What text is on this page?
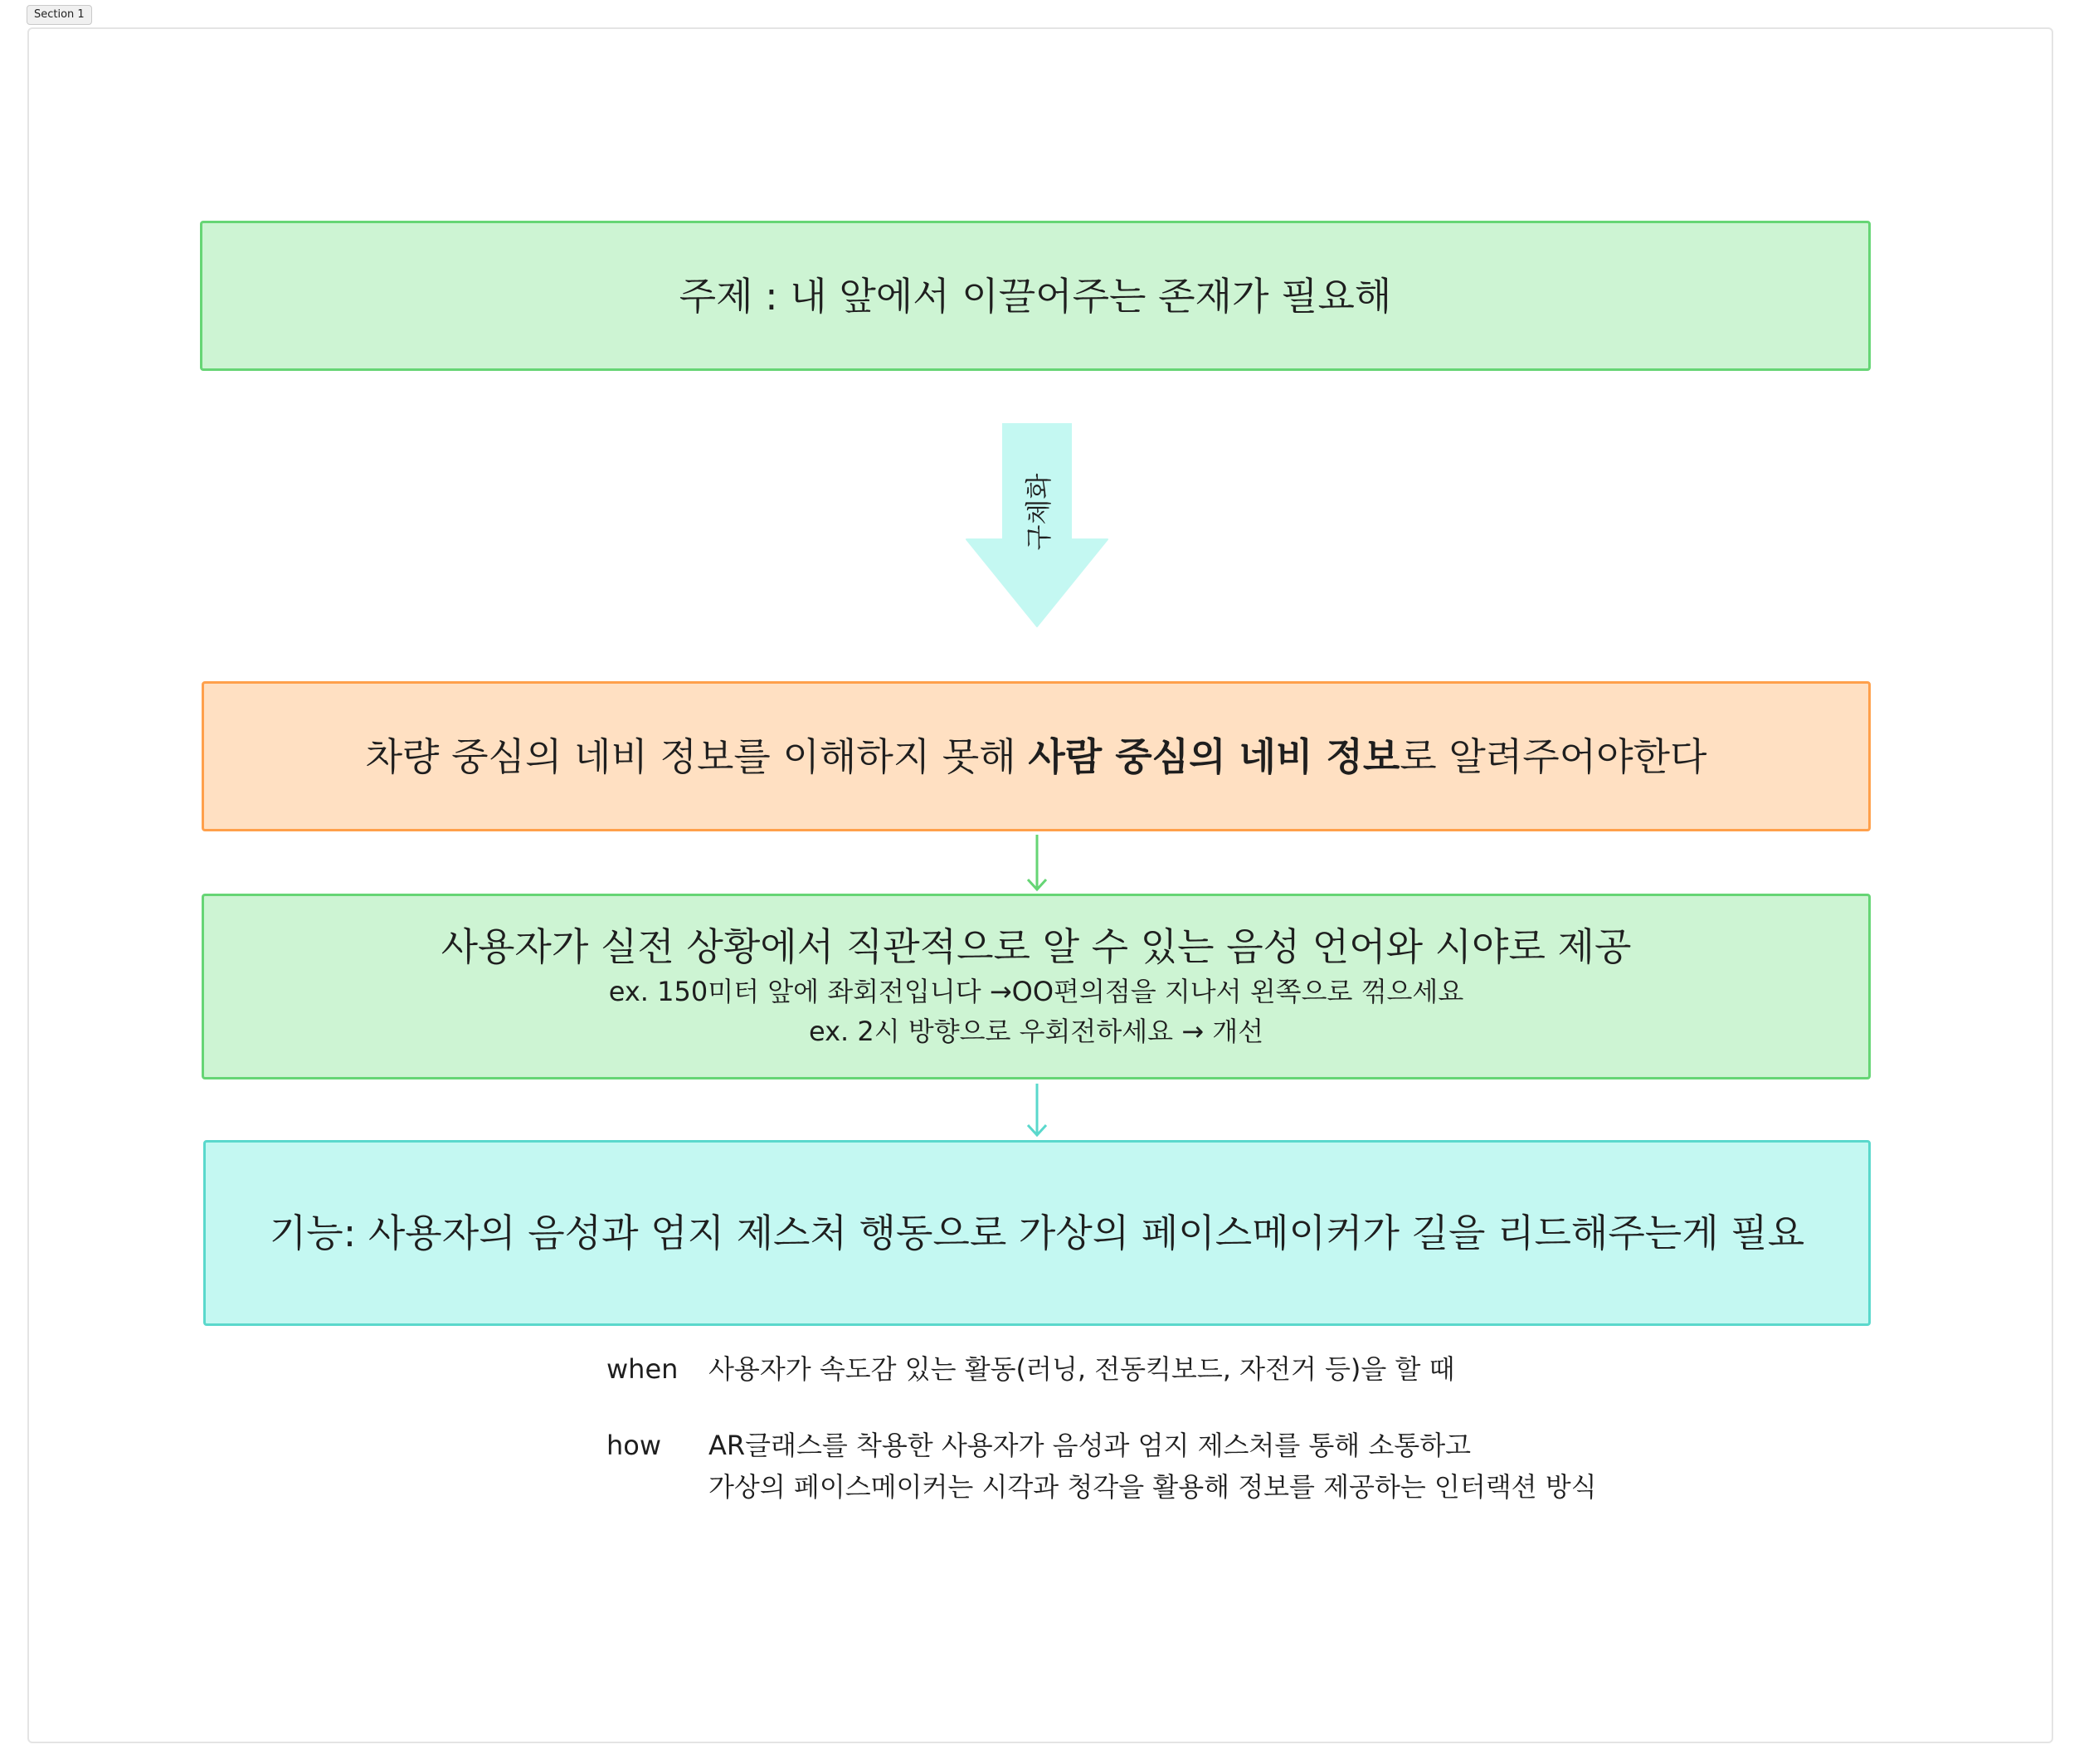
Section 1
주제 : 내 앞에서 이끌어주는 존재가 필요해
구체화
차량 중심의 네비 정보를 이해하지 못해 사람 중심의 네비 정보로 알려주어야한다
사용자가 실전 상황에서 직관적으로 알 수 있는 음성 언어와 시야로 제공
ex. 150미터 앞에 좌회전입니다 →OO편의점을 지나서 왼쪽으로 꺾으세요
ex. 2시 방향으로 우회전하세요 → 개선
기능: 사용자의 음성과 엄지 제스처 행동으로 가상의 페이스메이커가 길을 리드해주는게 필요
when	사용자가 속도감 있는 활동(러닝, 전동킥보드, 자전거 등)을 할 때
how	AR글래스를 착용한 사용자가 음성과 엄지 제스처를 통해 소통하고
가상의 페이스메이커는 시각과 청각을 활용해 정보를 제공하는 인터랙션 방식
